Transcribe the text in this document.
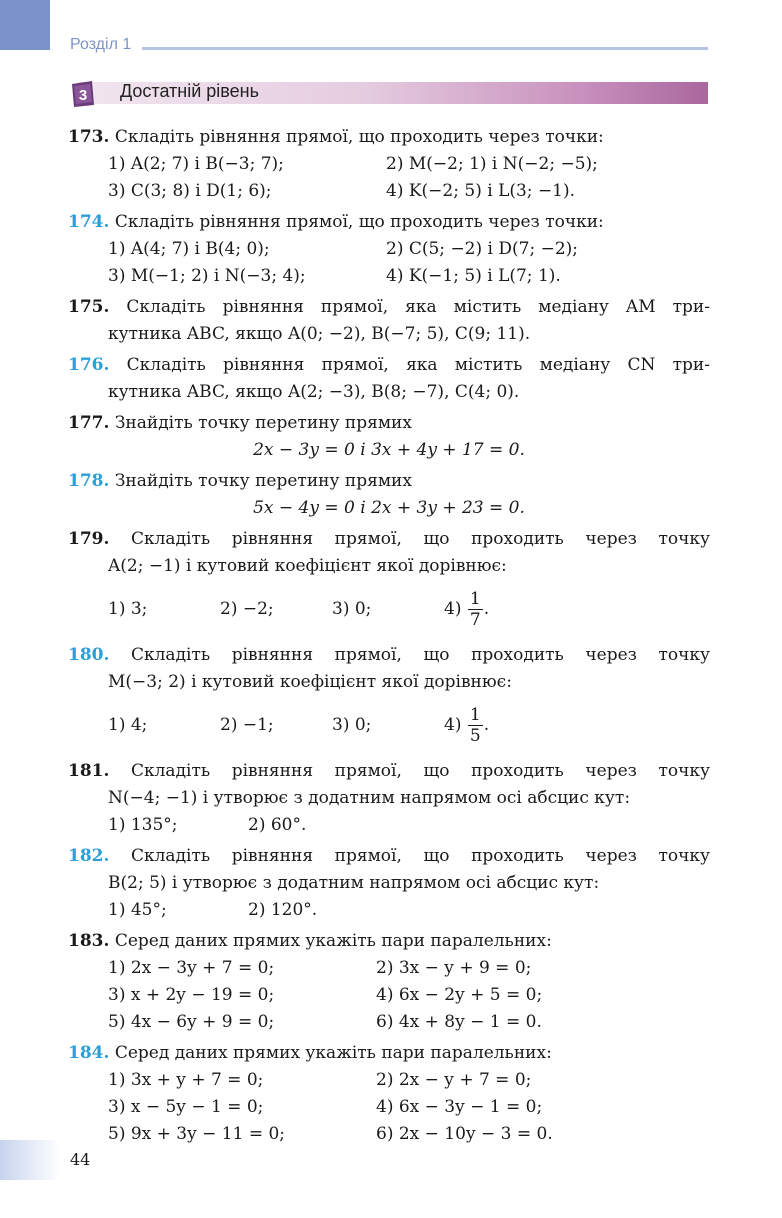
Розділ 1
3 Достатній рівень
173. Складіть рівняння прямої, що проходить через точки:
1) A(2; 7) і B(−3; 7);	2) M(−2; 1) і N(−2; −5);
3) C(3; 8) і D(1; 6);	4) K(−2; 5) і L(3; −1).
174. Складіть рівняння прямої, що проходить через точки:
1) A(4; 7) і B(4; 0);	2) C(5; −2) і D(7; −2);
3) M(−1; 2) і N(−3; 4);	4) K(−1; 5) і L(7; 1).
175. Складіть рівняння прямої, яка містить медіану AM три-
кутника ABC, якщо A(0; −2), B(−7; 5), C(9; 11).
176. Складіть рівняння прямої, яка містить медіану CN три-
кутника ABC, якщо A(2; −3), B(8; −7), C(4; 0).
177. Знайдіть точку перетину прямих
2x − 3y = 0 і 3x + 4y + 17 = 0.
178. Знайдіть точку перетину прямих
5x − 4y = 0 і 2x + 3y + 23 = 0.
179. Складіть рівняння прямої, що проходить через точку
A(2; −1) і кутовий коефіцієнт якої дорівнює:
1) 3;	2) −2;	3) 0;	$4) \frac{1}{7}$ .
180. Складіть рівняння прямої, що проходить через точку
M(−3; 2) і кутовий коефіцієнт якої дорівнює:
1) 4;	2) −1;	3) 0;	$4) \frac{1}{5}$ .
181. Складіть рівняння прямої, що проходить через точку
N(−4; −1) і утворює з додатним напрямом осі абсцис кут:
1) 135°;	2) 60°.
182. Складіть рівняння прямої, що проходить через точку
B(2; 5) і утворює з додатним напрямом осі абсцис кут:
1) 45°;	2) 120°.
183. Серед даних прямих укажіть пари паралельних:
1) 2x − 3y + 7 = 0;	2) 3x − y + 9 = 0;
3) x + 2y − 19 = 0;	4) 6x − 2y + 5 = 0;
5) 4x − 6y + 9 = 0;	6) 4x + 8y − 1 = 0.
184. Серед даних прямих укажіть пари паралельних:
1) 3x + y + 7 = 0;	2) 2x − y + 7 = 0;
3) x − 5y − 1 = 0;	4) 6x − 3y − 1 = 0;
5) 9x + 3y − 11 = 0;	6) 2x − 10y − 3 = 0.
44
